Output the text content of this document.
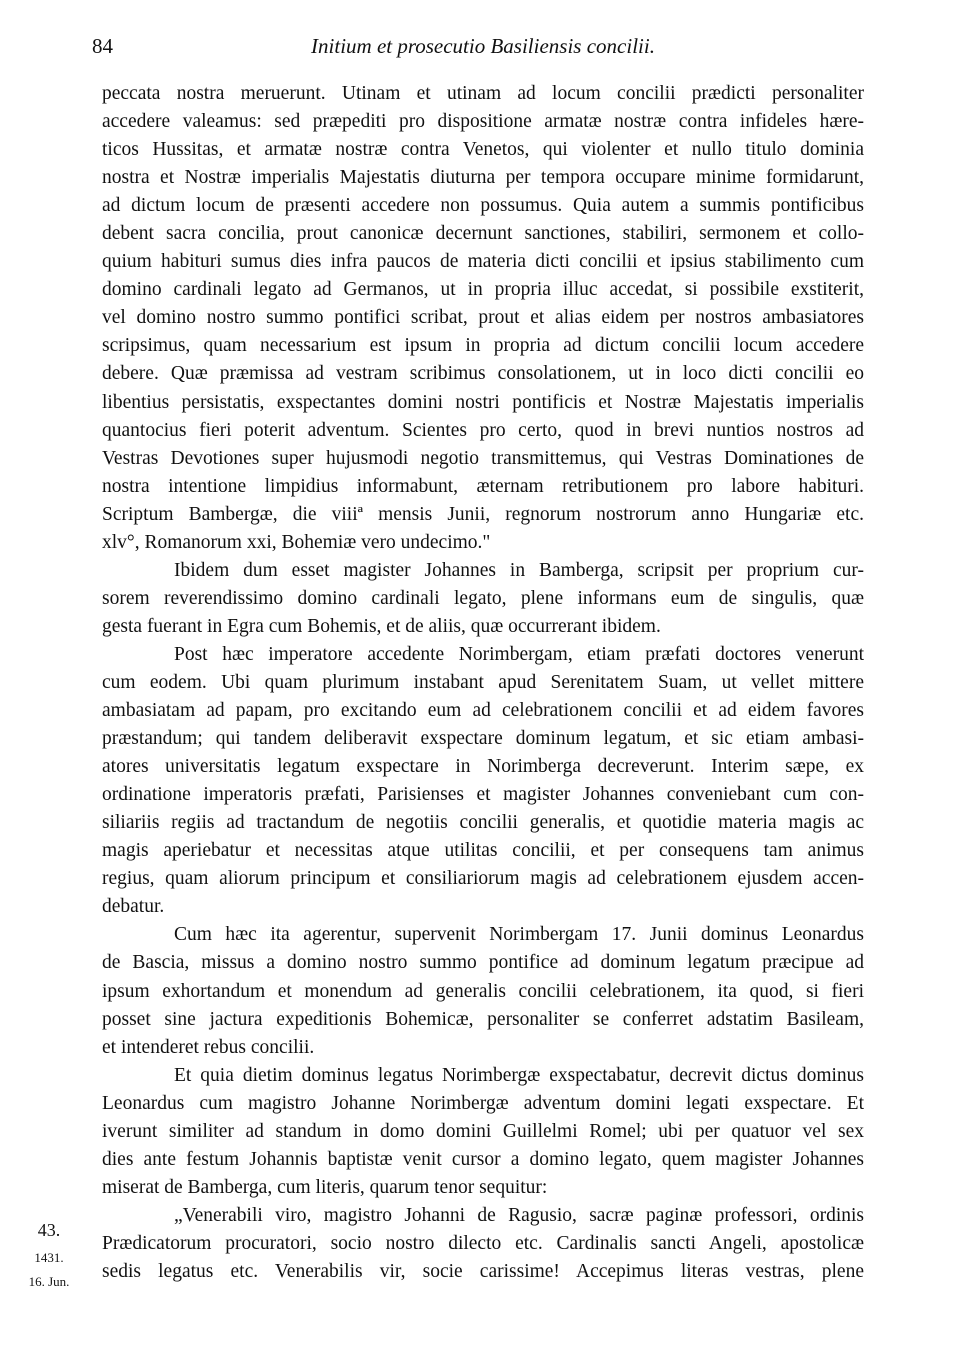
84	Initium et prosecutio Basiliensis concilii.
peccata nostra meruerunt. Utinam et utinam ad locum concilii prædicti personaliter
accedere valeamus: sed præpediti pro dispositione armatæ nostræ contra infideles hære-
ticos Hussitas, et armatæ nostræ contra Venetos, qui violenter et nullo titulo dominia
nostra et Nostræ imperialis Majestatis diuturna per tempora occupare minime formidarunt,
ad dictum locum de præsenti accedere non possumus. Quia autem a summis pontificibus
debent sacra concilia, prout canonicæ decernunt sanctiones, stabiliri, sermonem et collo-
quium habituri sumus dies infra paucos de materia dicti concilii et ipsius stabilimento cum
domino cardinali legato ad Germanos, ut in propria illuc accedat, si possibile exstiterit,
vel domino nostro summo pontifici scribat, prout et alias eidem per nostros ambasiatores
scripsimus, quam necessarium est ipsum in propria ad dictum concilii locum accedere
debere. Quæ præmissa ad vestram scribimus consolationem, ut in loco dicti concilii eo
libentius persistatis, exspectantes domini nostri pontificis et Nostræ Majestatis imperialis
quantocius fieri poterit adventum. Scientes pro certo, quod in brevi nuntios nostros ad
Vestras Devotiones super hujusmodi negotio transmittemus, qui Vestras Dominationes de
nostra intentione limpidius informabunt, æternam retributionem pro labore habituri.
Scriptum Bambergæ, die viiiª mensis Junii, regnorum nostrorum anno Hungariæ etc.
xlv°, Romanorum xxi, Bohemiæ vero undecimo."
Ibidem dum esset magister Johannes in Bamberga, scripsit per proprium cur-
sorem reverendissimo domino cardinali legato, plene informans eum de singulis, quæ
gesta fuerant in Egra cum Bohemis, et de aliis, quæ occurrerant ibidem.
Post hæc imperatore accedente Norimbergam, etiam præfati doctores venerunt
cum eodem. Ubi quam plurimum instabant apud Serenitatem Suam, ut vellet mittere
ambasiatam ad papam, pro excitando eum ad celebrationem concilii et ad eidem favores
præstandum; qui tandem deliberavit exspectare dominum legatum, et sic etiam ambasi-
atores universitatis legatum exspectare in Norimberga decreverunt. Interim sæpe, ex
ordinatione imperatoris præfati, Parisienses et magister Johannes conveniebant cum con-
siliariis regiis ad tractandum de negotiis concilii generalis, et quotidie materia magis ac
magis aperiebatur et necessitas atque utilitas concilii, et per consequens tam animus
regius, quam aliorum principum et consiliariorum magis ad celebrationem ejusdem accen-
debatur.
Cum hæc ita agerentur, supervenit Norimbergam 17. Junii dominus Leonardus
de Bascia, missus a domino nostro summo pontifice ad dominum legatum præcipue ad
ipsum exhortandum et monendum ad generalis concilii celebrationem, ita quod, si fieri
posset sine jactura expeditionis Bohemicæ, personaliter se conferret adstatim Basileam,
et intenderet rebus concilii.
Et quia dietim dominus legatus Norimbergæ exspectabatur, decrevit dictus dominus
Leonardus cum magistro Johanne Norimbergæ adventum domini legati exspectare. Et
iverunt similiter ad standum in domo domini Guillelmi Romel; ubi per quatuor vel sex
dies ante festum Johannis baptistæ venit cursor a domino legato, quem magister Johannes
miserat de Bamberga, cum literis, quarum tenor sequitur:
„Venerabili viro, magistro Johanni de Ragusio, sacræ paginæ professori, ordinis
Prædicatorum procuratori, socio nostro dilecto etc. Cardinalis sancti Angeli, apostolicæ
sedis legatus etc. Venerabilis vir, socie carissime! Accepimus literas vestras, plene
43.
1431.
16. Jun.
